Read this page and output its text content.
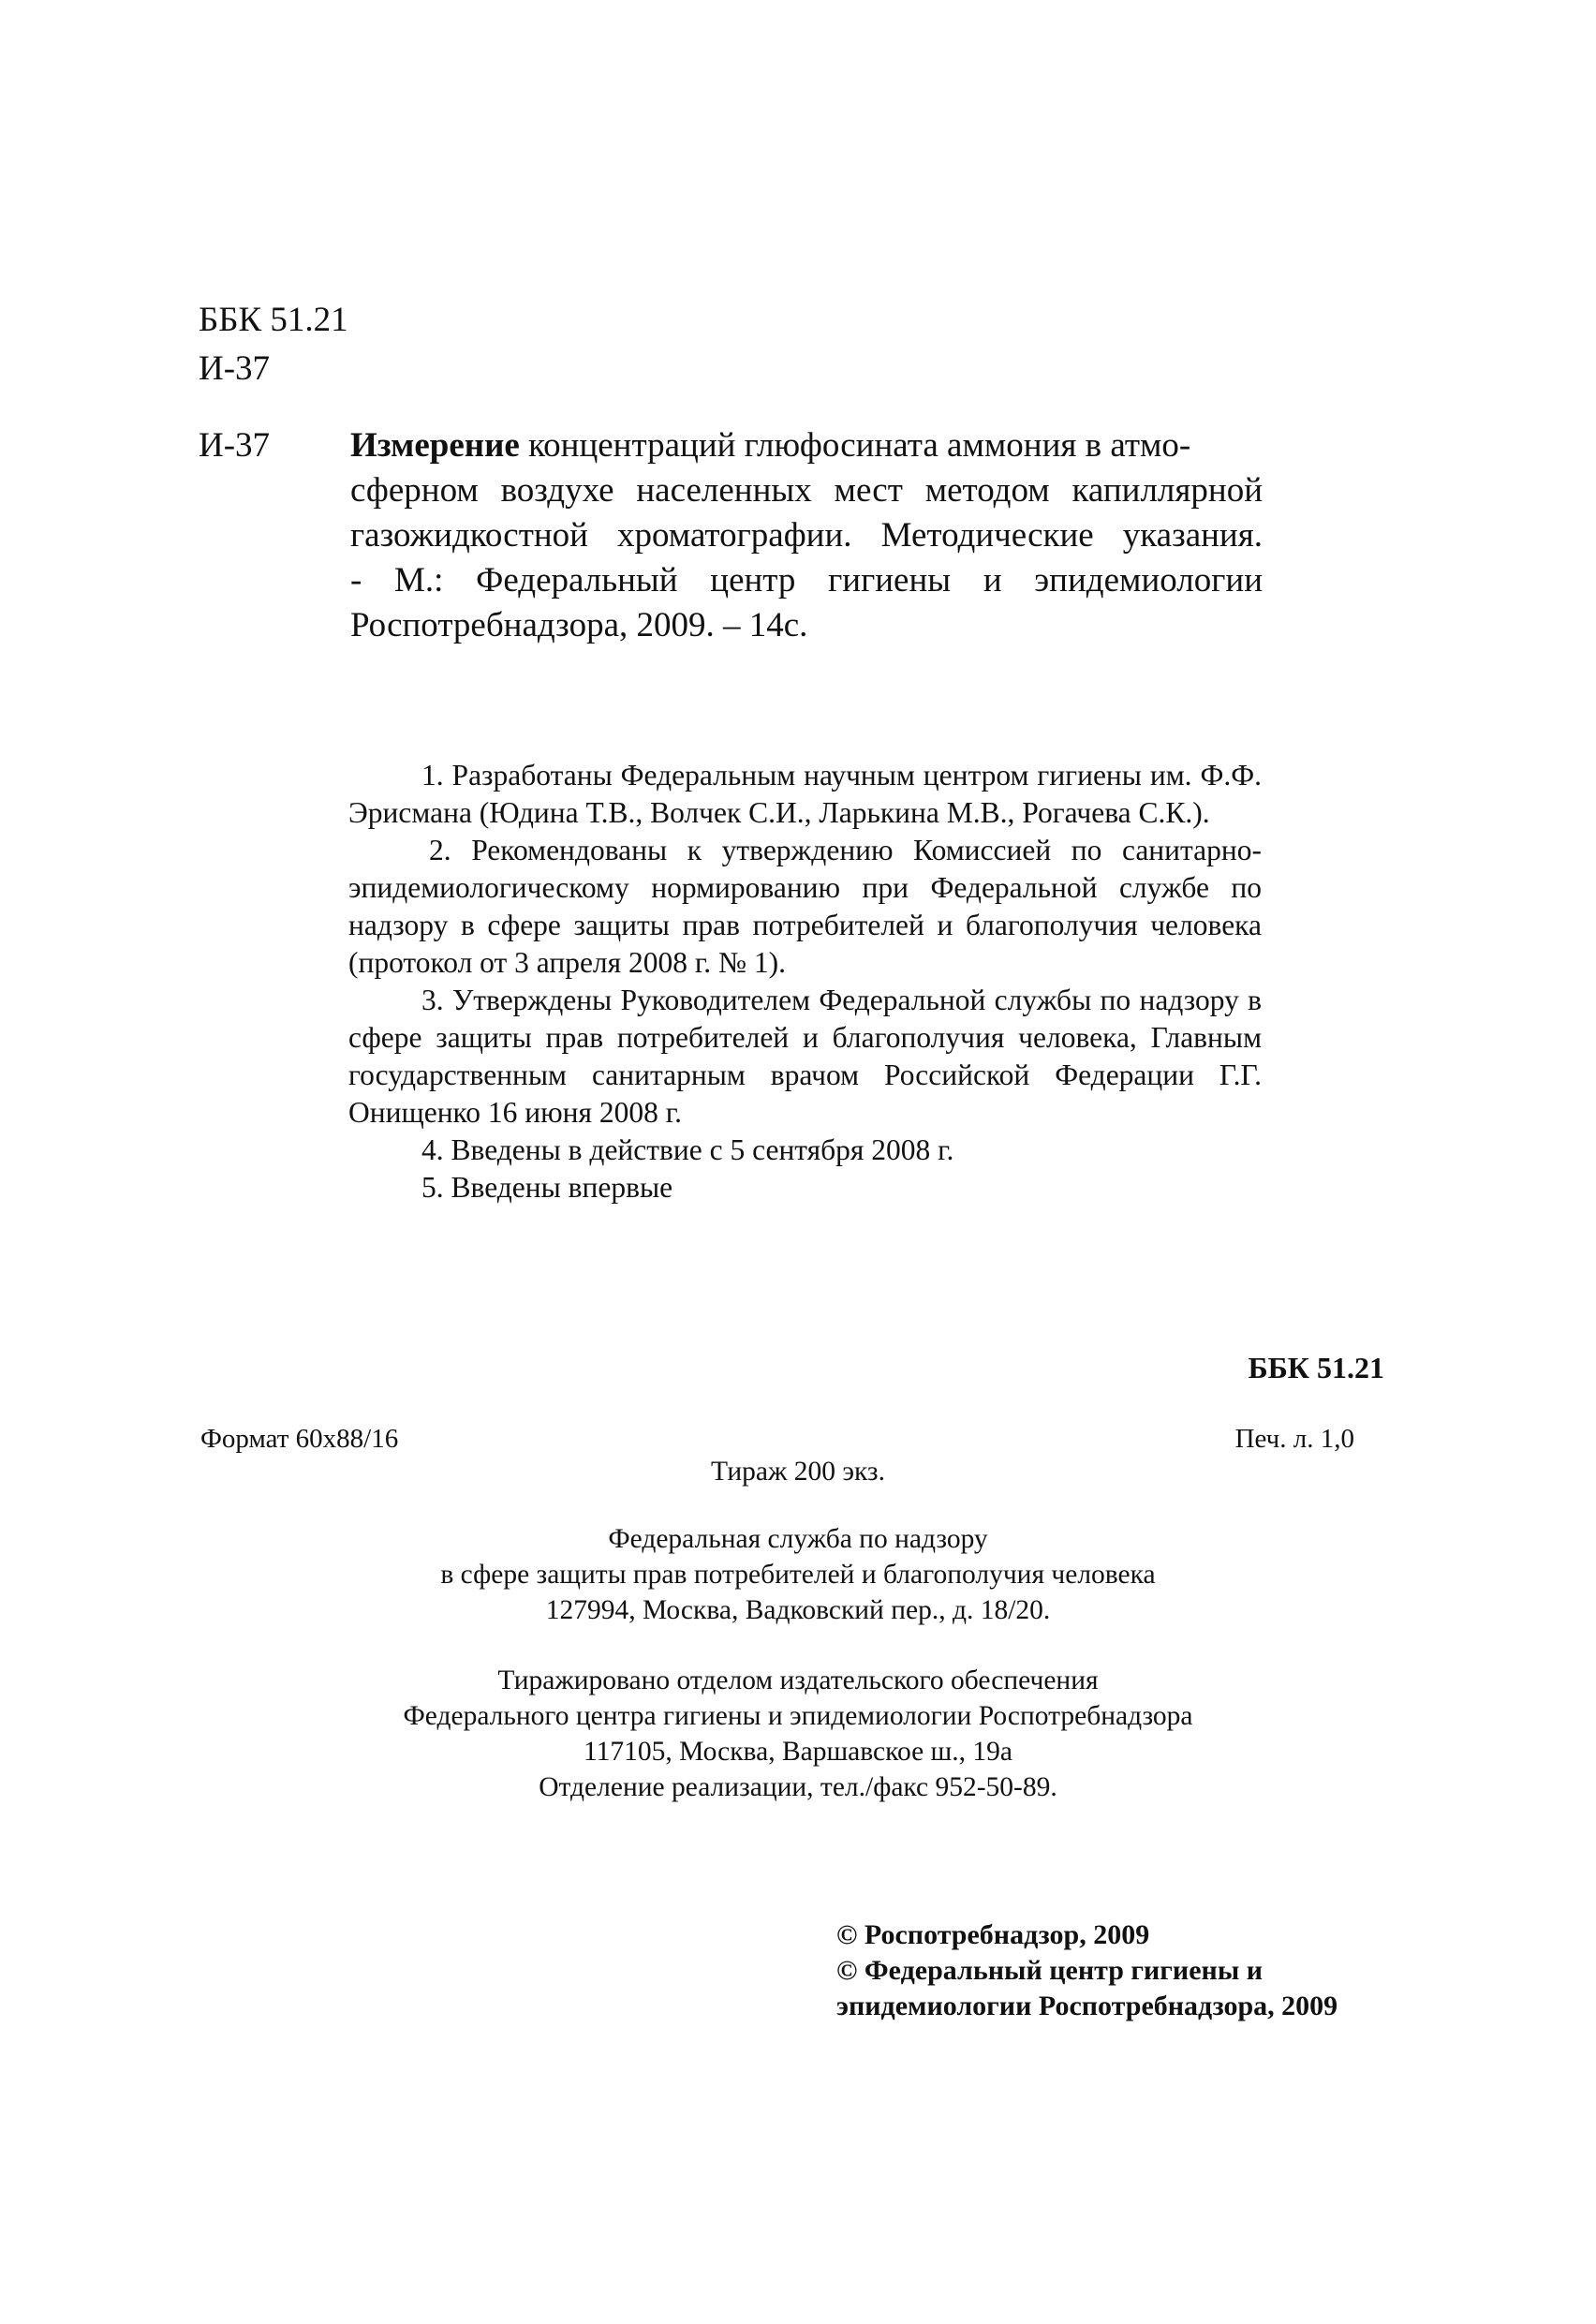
ББК 51.21
И-37
И-37 Измерение концентраций глюфосината аммония в атмо-
сферном воздухе населенных мест методом капиллярной
газожидкостной хроматографии. Методические указания.
- М.: Федеральный центр гигиены и эпидемиологии
Роспотребнадзора, 2009. – 14с.

1. Разработаны Федеральным научным центром гигиены им. Ф.Ф. Эрисмана (Юдина Т.В., Волчек С.И., Ларькина М.В., Рогачева С.К.).

2. Рекомендованы к утверждению Комиссией по санитарно-эпидемиологическому нормированию при Федеральной службе по надзору в сфере защиты прав потребителей и благополучия человека (протокол от 3 апреля 2008 г. № 1).

3. Утверждены Руководителем Федеральной службы по надзору в сфере защиты прав потребителей и благополучия человека, Главным государственным санитарным врачом Российской Федерации Г.Г. Онищенко 16 июня 2008 г.

4. Введены в действие с 5 сентября 2008 г.

5. Введены впервые

ББК 51.21
Формат 60x88/16	Печ. л. 1,0
Тираж 200 экз.
Федеральная служба по надзору
в сфере защиты прав потребителей и благополучия человека
127994, Москва, Вадковский пер., д. 18/20.
Тиражировано отделом издательского обеспечения
Федерального центра гигиены и эпидемиологии Роспотребнадзора
117105, Москва, Варшавское ш., 19а
Отделение реализации, тел./факс 952-50-89.
© Роспотребнадзор, 2009
© Федеральный центр гигиены и
эпидемиологии Роспотребнадзора, 2009
